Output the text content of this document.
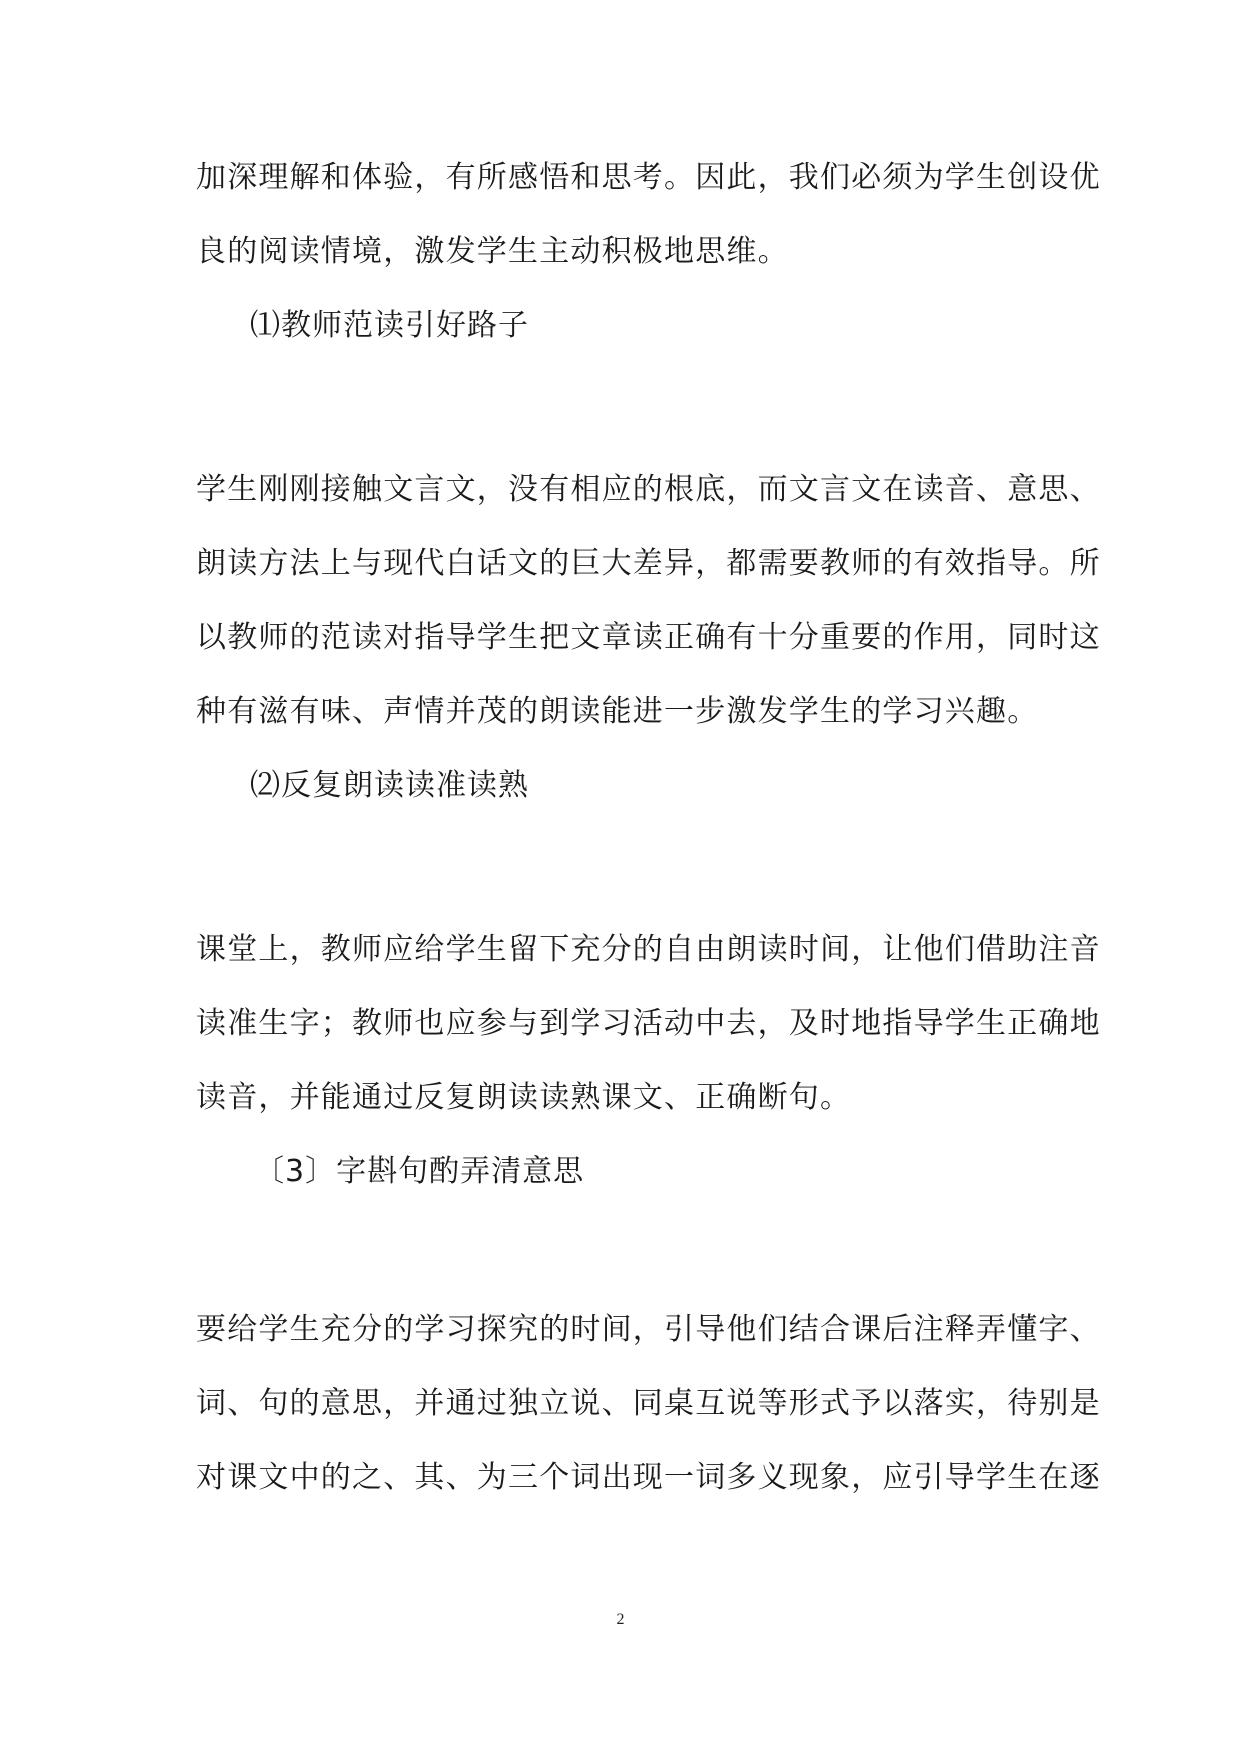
加深理解和体验，有所感悟和思考。因此，我们必须为学生创设优
良的阅读情境，激发学生主动积极地思维。
⑴教师范读引好路子
学生刚刚接触文言文，没有相应的根底，而文言文在读音、意思、
朗读方法上与现代白话文的巨大差异，都需要教师的有效指导。所
以教师的范读对指导学生把文章读正确有十分重要的作用，同时这
种有滋有味、声情并茂的朗读能进一步激发学生的学习兴趣。
⑵反复朗读读准读熟
课堂上，教师应给学生留下充分的自由朗读时间，让他们借助注音
读准生字；教师也应参与到学习活动中去，及时地指导学生正确地
读音，并能通过反复朗读读熟课文、正确断句。
〔3〕字斟句酌弄清意思
要给学生充分的学习探究的时间，引导他们结合课后注释弄懂字、
词、句的意思，并通过独立说、同桌互说等形式予以落实，待别是
对课文中的之、其、为三个词出现一词多义现象，应引导学生在逐
2
